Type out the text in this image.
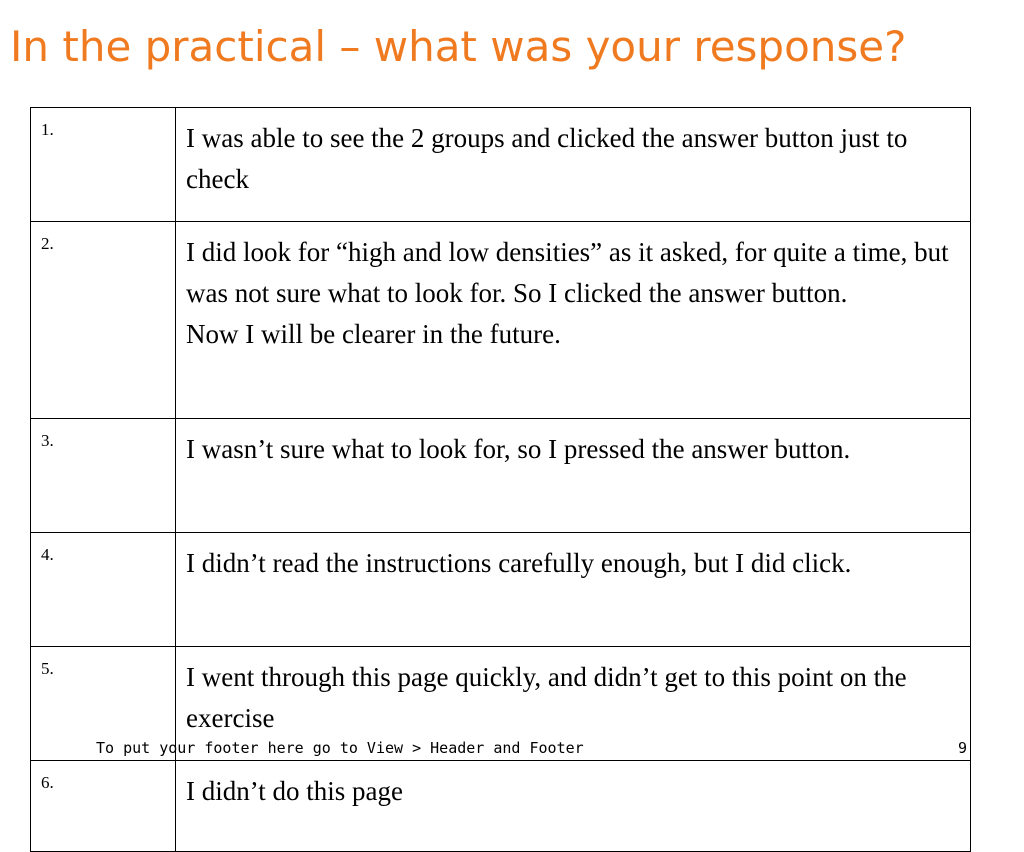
In the practical – what was your response?
1.	I was able to see the 2 groups and clicked the answer button just to check

2.	I did look for “high and low densities” as it asked, for quite a time, but was not sure what to look for. So I clicked the answer button.
Now I will be clearer in the future.

3.	I wasn’t sure what to look for, so I pressed the answer button.

4.	I didn’t read the instructions carefully enough, but I did click.

5.	I went through this page quickly, and didn’t get to this point on the exercise

6.	I didn’t do this page
To put your footer here go to View > Header and Footer	9
